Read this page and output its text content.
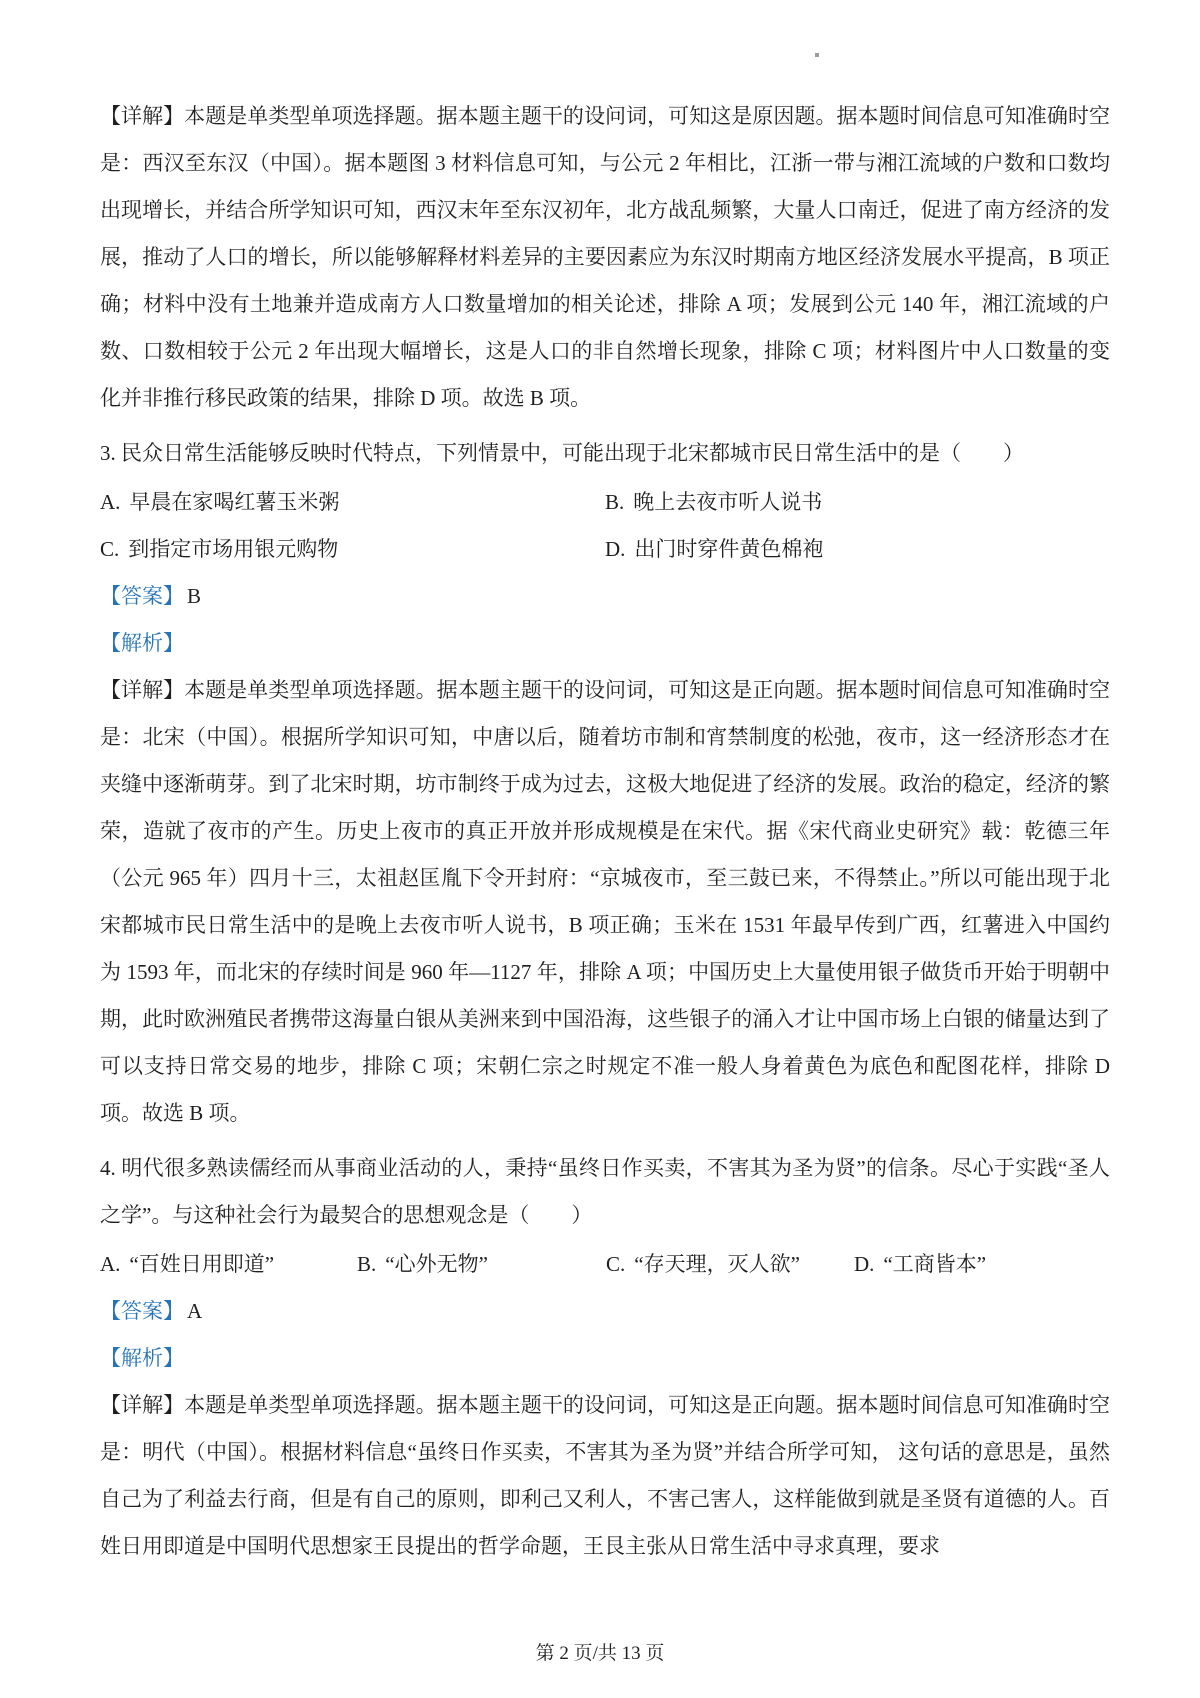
【详解】本题是单类型单项选择题。据本题主题干的设问词，可知这是原因题。据本题时间信息可知准确时空是：西汉至东汉（中国）。据本题图 3 材料信息可知，与公元 2 年相比，江浙一带与湘江流域的户数和口数均出现增长，并结合所学知识可知，西汉末年至东汉初年，北方战乱频繁，大量人口南迁，促进了南方经济的发展，推动了人口的增长，所以能够解释材料差异的主要因素应为东汉时期南方地区经济发展水平提高，B 项正确；材料中没有土地兼并造成南方人口数量增加的相关论述，排除 A 项；发展到公元 140 年，湘江流域的户数、口数相较于公元 2 年出现大幅增长，这是人口的非自然增长现象，排除 C 项；材料图片中人口数量的变化并非推行移民政策的结果，排除 D 项。故选 B 项。

3. 民众日常生活能够反映时代特点，下列情景中，可能出现于北宋都城市民日常生活中的是（　　）

A. 早晨在家喝红薯玉米粥	B. 晚上去夜市听人说书
C. 到指定市场用银元购物	D. 出门时穿件黄色棉袍
【答案】 B
【解析】

【详解】本题是单类型单项选择题。据本题主题干的设问词，可知这是正向题。据本题时间信息可知准确时空是：北宋（中国）。根据所学知识可知，中唐以后，随着坊市制和宵禁制度的松弛，夜市，这一经济形态才在夹缝中逐渐萌芽。到了北宋时期，坊市制终于成为过去，这极大地促进了经济的发展。政治的稳定，经济的繁荣，造就了夜市的产生。历史上夜市的真正开放并形成规模是在宋代。据《宋代商业史研究》载：乾德三年（公元 965 年）四月十三，太祖赵匡胤下令开封府：“京城夜市，至三鼓已来，不得禁止。”所以可能出现于北宋都城市民日常生活中的是晚上去夜市听人说书，B 项正确；玉米在 1531 年最早传到广西，红薯进入中国约为 1593 年，而北宋的存续时间是 960 年—1127 年，排除 A 项；中国历史上大量使用银子做货币开始于明朝中期，此时欧洲殖民者携带这海量白银从美洲来到中国沿海，这些银子的涌入才让中国市场上白银的储量达到了可以支持日常交易的地步，排除 C 项；宋朝仁宗之时规定不准一般人身着黄色为底色和配图花样，排除 D 项。故选 B 项。

4. 明代很多熟读儒经而从事商业活动的人，秉持“虽终日作买卖，不害其为圣为贤”的信条。尽心于实践“圣人之学”。与这种社会行为最契合的思想观念是（　　）

A. “百姓日用即道”	B. “心外无物”	C. “存天理，灭人欲”	D. “工商皆本”
【答案】 A
【解析】

【详解】本题是单类型单项选择题。据本题主题干的设问词，可知这是正向题。据本题时间信息可知准确时空是：明代（中国）。根据材料信息“虽终日作买卖，不害其为圣为贤”并结合所学可知， 这句话的意思是，虽然自己为了利益去行商，但是有自己的原则，即利己又利人，不害己害人，这样能做到就是圣贤有道德的人。百姓日用即道是中国明代思想家王艮提出的哲学命题，王艮主张从日常生活中寻求真理，要求

第 2 页/共 13 页
